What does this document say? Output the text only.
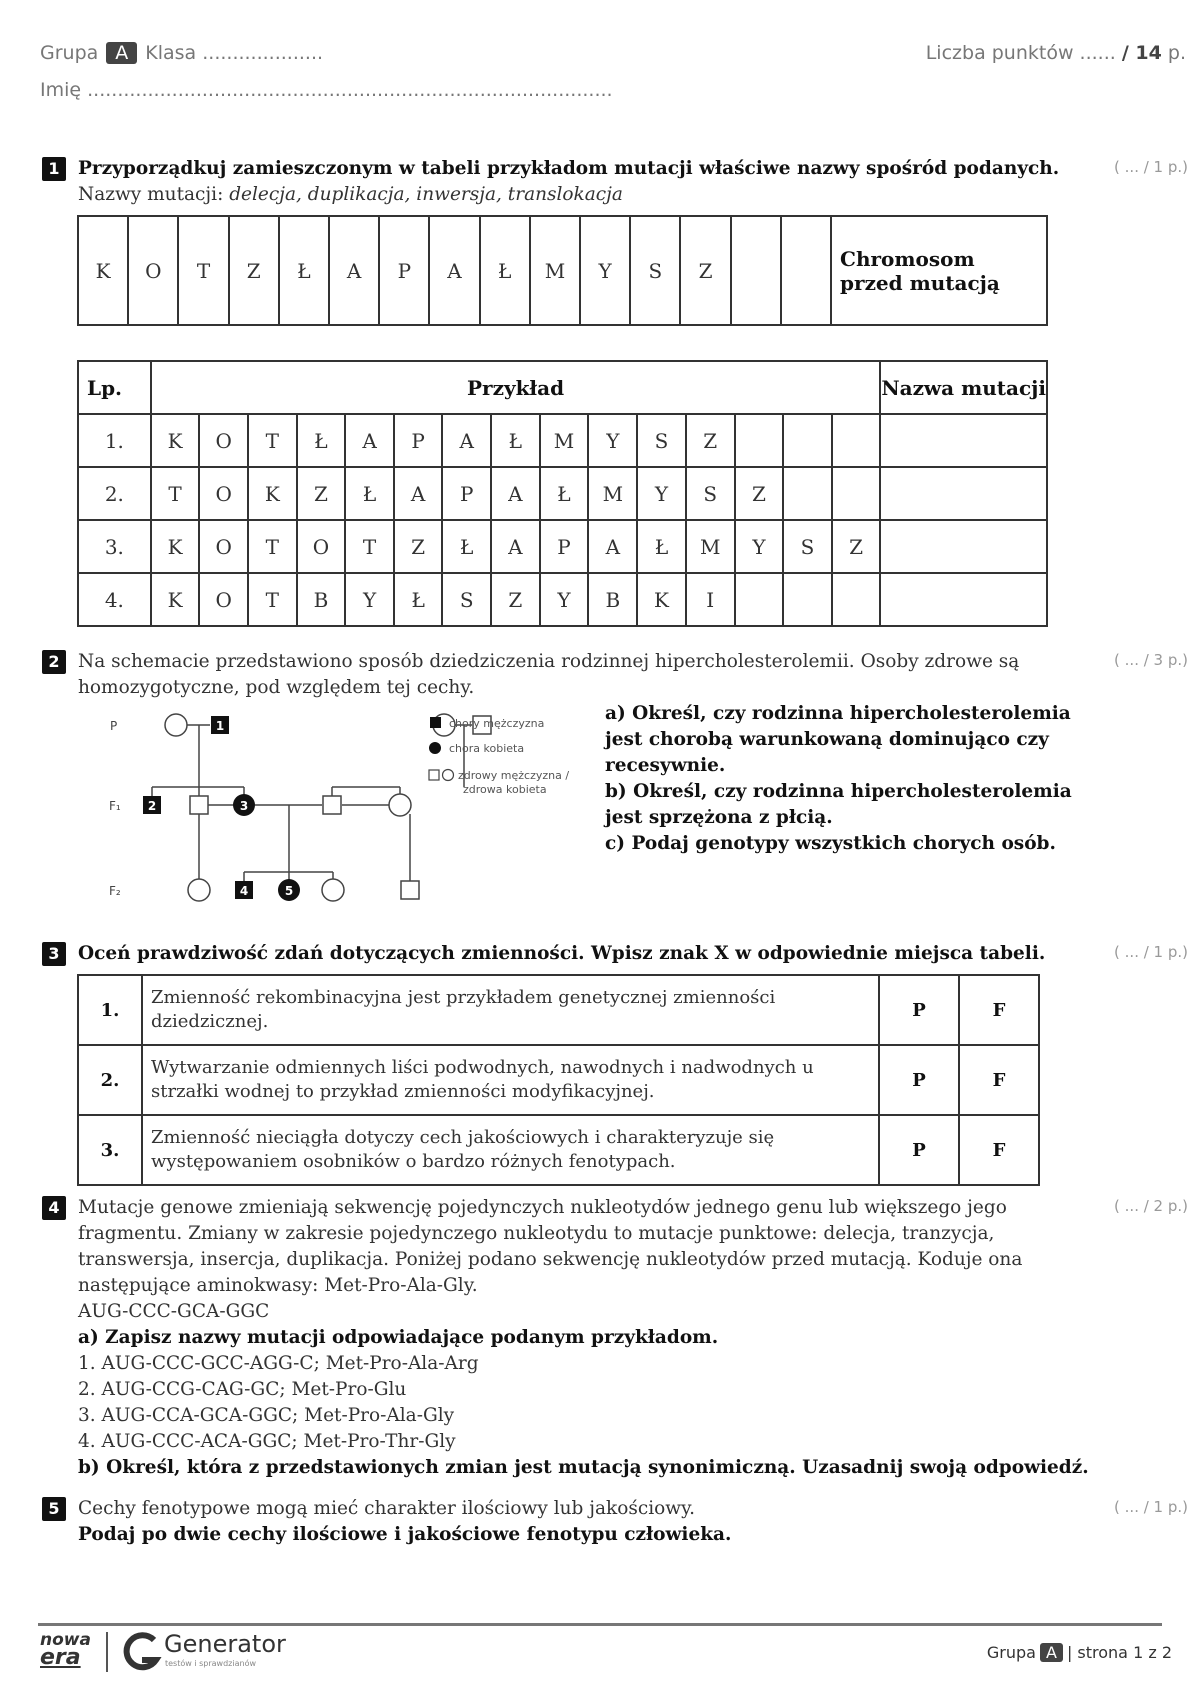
Grupa A Klasa ....................
Imię .......................................................................................
Liczba punktów ...... / 14 p.
1 Przyporządkuj zamieszczonym w tabeli przykładom mutacji właściwe nazwy spośród podanych.
Nazwy mutacji: delecja, duplikacja, inwersja, translokacja
( ... / 1 p.)
K	O	T	Z	Ł	A	P	A	Ł	M	Y	S	Z			Chromosom przed mutacją
Lp.	Przykład															Nazwa mutacji
1.	K	O	T	Ł	A	P	A	Ł	M	Y	S	Z				
2.	T	O	K	Z	Ł	A	P	A	Ł	M	Y	S	Z			
3.	K	O	T	O	T	Z	Ł	A	P	A	Ł	M	Y	S	Z	
4.	K	O	T	B	Y	Ł	S	Z	Y	B	K	I				
2 Na schemacie przedstawiono sposób dziedziczenia rodzinnej hipercholesterolemii. Osoby zdrowe są
homozygotyczne, pod względem tej cechy.
( ... / 3 p.)
P
F₁
F₂
1
2	3
4	5
chory mężczyzna
chora kobieta
zdrowy mężczyzna /
zdrowa kobieta
a) Określ, czy rodzinna hipercholesterolemia jest chorobą warunkowaną dominująco czy recesywnie.
b) Określ, czy rodzinna hipercholesterolemia jest sprzężona z płcią.
c) Podaj genotypy wszystkich chorych osób.
3 Oceń prawdziwość zdań dotyczących zmienności. Wpisz znak X w odpowiednie miejsca tabeli.	( ... / 1 p.)
1.	Zmienność rekombinacyjna jest przykładem genetycznej zmienności dziedzicznej.	P	F
2.	Wytwarzanie odmiennych liści podwodnych, nawodnych i nadwodnych u strzałki wodnej to przykład zmienności modyfikacyjnej.	P	F
3.	Zmienność nieciągła dotyczy cech jakościowych i charakteryzuje się występowaniem osobników o bardzo różnych fenotypach.	P	F
4 Mutacje genowe zmieniają sekwencję pojedynczych nukleotydów jednego genu lub większego jego
fragmentu. Zmiany w zakresie pojedynczego nukleotydu to mutacje punktowe: delecja, tranzycja,
transwersja, insercja, duplikacja. Poniżej podano sekwencję nukleotydów przed mutacją. Koduje ona
następujące aminokwasy: Met-Pro-Ala-Gly.
AUG-CCC-GCA-GGC
a) Zapisz nazwy mutacji odpowiadające podanym przykładom.
1. AUG-CCC-GCC-AGG-C; Met-Pro-Ala-Arg
2. AUG-CCG-CAG-GC; Met-Pro-Glu
3. AUG-CCA-GCA-GGC; Met-Pro-Ala-Gly
4. AUG-CCC-ACA-GGC; Met-Pro-Thr-Gly
b) Określ, która z przedstawionych zmian jest mutacją synonimiczną. Uzasadnij swoją odpowiedź.
( ... / 2 p.)
5 Cechy fenotypowe mogą mieć charakter ilościowy lub jakościowy.
Podaj po dwie cechy ilościowe i jakościowe fenotypu człowieka.
( ... / 1 p.)
nowa
era	Generator
testów i sprawdzianów
Grupa A | strona 1 z 2
